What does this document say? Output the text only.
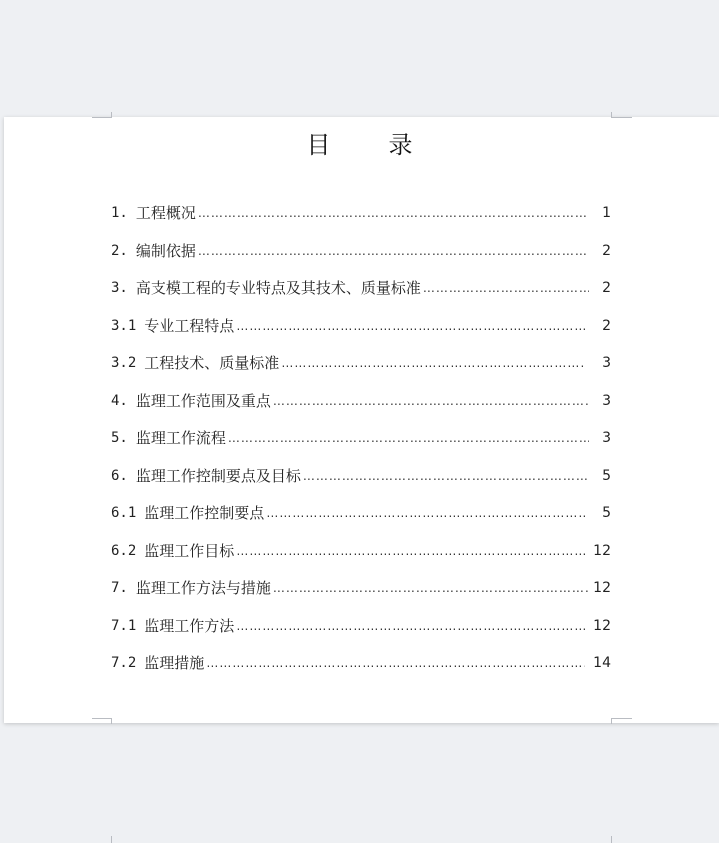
目 录
1. 工程概况 …………………………………………………………………………………………………………………………………………………	1
2. 编制依据 …………………………………………………………………………………………………………………………………………………	2
3. 高支模工程的专业特点及其技术、质量标准 …………………………………………………………………………………………………………………………………………………	2
3.1 专业工程特点 …………………………………………………………………………………………………………………………………………………	2
3.2 工程技术、质量标准 …………………………………………………………………………………………………………………………………………………	3
4. 监理工作范围及重点 …………………………………………………………………………………………………………………………………………………	3
5. 监理工作流程 …………………………………………………………………………………………………………………………………………………	3
6. 监理工作控制要点及目标 …………………………………………………………………………………………………………………………………………………	5
6.1 监理工作控制要点 …………………………………………………………………………………………………………………………………………………	5
6.2 监理工作目标 …………………………………………………………………………………………………………………………………………………	12
7. 监理工作方法与措施 …………………………………………………………………………………………………………………………………………………	12
7.1 监理工作方法 …………………………………………………………………………………………………………………………………………………	12
7.2 监理措施 …………………………………………………………………………………………………………………………………………………	14
